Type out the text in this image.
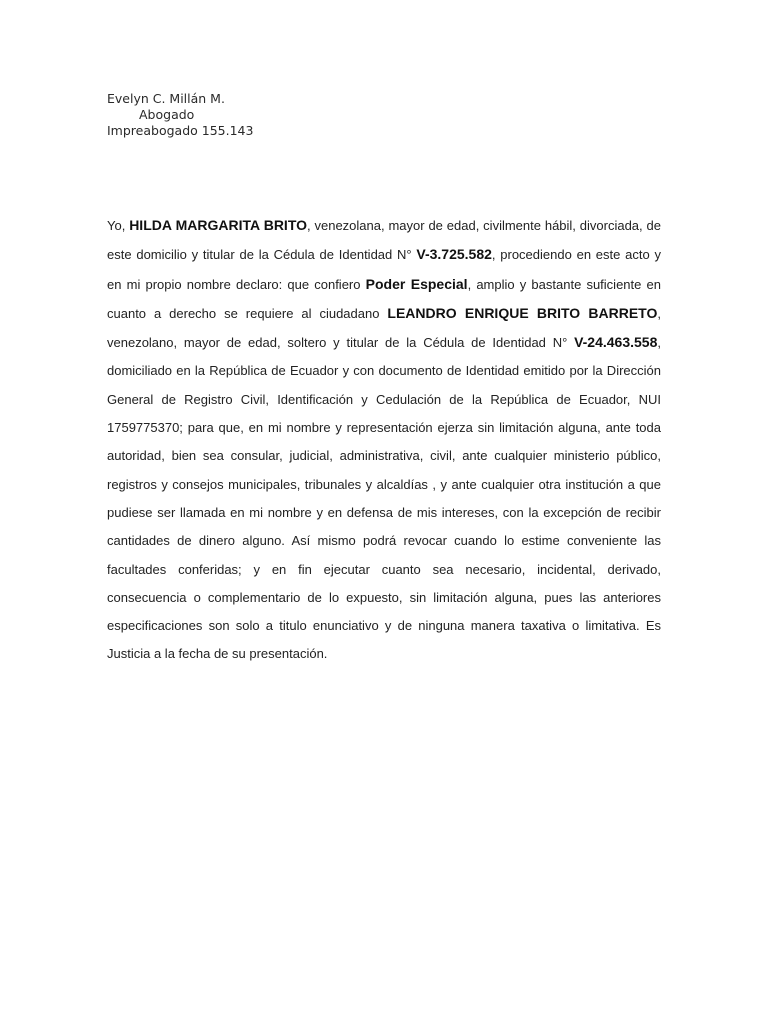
Evelyn C. Millán M.
Abogado
Impreabogado 155.143

Yo, HILDA MARGARITA BRITO, venezolana, mayor de edad, civilmente hábil, divorciada, de este domicilio y titular de la Cédula de Identidad N° V-3.725.582, procediendo en este acto y en mi propio nombre declaro: que confiero Poder Especial, amplio y bastante suficiente en cuanto a derecho se requiere al ciudadano LEANDRO ENRIQUE BRITO BARRETO, venezolano, mayor de edad, soltero y titular de la Cédula de Identidad N° V-24.463.558, domiciliado en la República de Ecuador y con documento de Identidad emitido por la Dirección General de Registro Civil, Identificación y Cedulación de la República de Ecuador, NUI 1759775370; para que, en mi nombre y representación ejerza sin limitación alguna, ante toda autoridad, bien sea consular, judicial, administrativa, civil, ante cualquier ministerio público, registros y consejos municipales, tribunales y alcaldías , y ante cualquier otra institución a que pudiese ser llamada en mi nombre y en defensa de mis intereses, con la excepción de recibir cantidades de dinero alguno. Así mismo podrá revocar cuando lo estime conveniente las facultades conferidas; y en fin ejecutar cuanto sea necesario, incidental, derivado, consecuencia o complementario de lo expuesto, sin limitación alguna, pues las anteriores especificaciones son solo a titulo enunciativo y de ninguna manera taxativa o limitativa. Es Justicia a la fecha de su presentación.
